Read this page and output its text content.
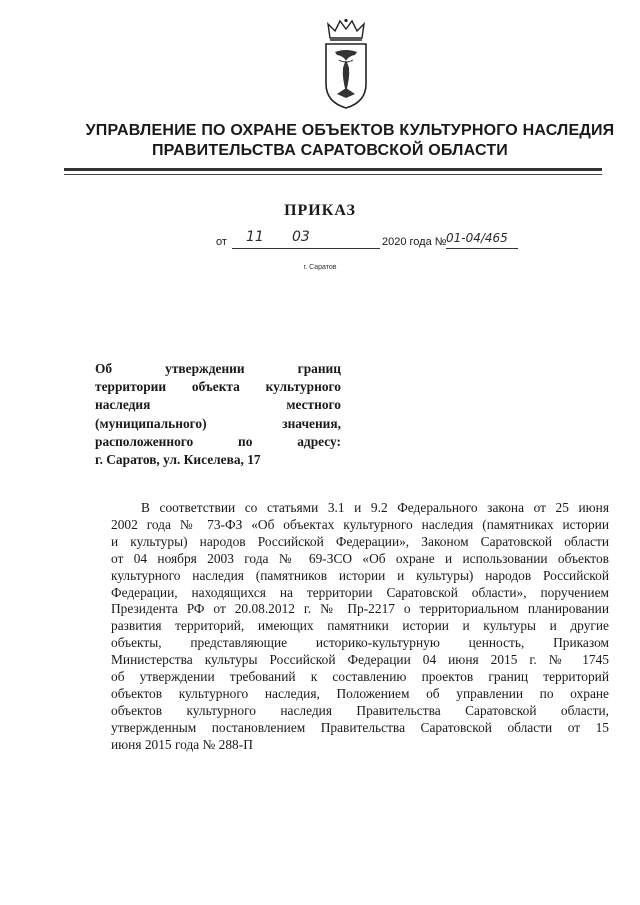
УПРАВЛЕНИЕ ПО ОХРАНЕ ОБЪЕКТОВ КУЛЬТУРНОГО НАСЛЕДИЯ
ПРАВИТЕЛЬСТВА САРАТОВСКОЙ ОБЛАСТИ
ПРИКАЗ
от 11 03	2020 года № 01-04/465
г. Саратов
Об утверждении границ
территории объекта культурного
наследия местного
(муниципального) значения,
расположенного по адресу:
г. Саратов, ул. Киселева, 17
В соответствии со статьями 3.1 и 9.2 Федерального закона от 25 июня
2002 года № 73-ФЗ «Об объектах культурного наследия (памятниках истории
и культуры) народов Российской Федерации», Законом Саратовской области
от 04 ноября 2003 года № 69-ЗСО «Об охране и использовании объектов
культурного наследия (памятников истории и культуры) народов Российской
Федерации, находящихся на территории Саратовской области», поручением
Президента РФ от 20.08.2012 г. № Пр-2217 о территориальном планировании
развития территорий, имеющих памятники истории и культуры и другие
объекты, представляющие историко-культурную ценность, Приказом
Министерства культуры Российской Федерации 04 июня 2015 г. № 1745
об утверждении требований к составлению проектов границ территорий
объектов культурного наследия, Положением об управлении по охране
объектов культурного наследия Правительства Саратовской области,
утвержденным постановлением Правительства Саратовской области от 15
июня 2015 года № 288-П
